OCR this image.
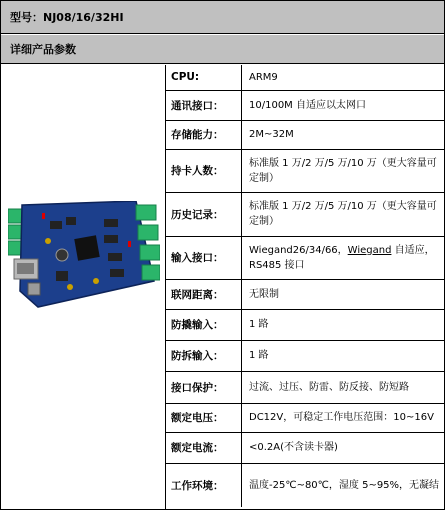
型号：NJ08/16/32HI
详细产品参数
CPU:	ARM9
通讯接口：	10/100M 自适应以太网口
存储能力：	2M~32M
持卡人数：	标准版 1 万/2 万/5 万/10 万（更大容量可定制）
历史记录：	标准版 1 万/2 万/5 万/10 万（更大容量可定制）
输入接口：	Wiegand26/34/66，Wiegand 自适应，RS485 接口
联网距离：	无限制
防撬输入：	1 路
防拆输入：	1 路
接口保护：	过流、过压、防雷、防反接、防短路
额定电压：	DC12V，可稳定工作电压范围：10~16V
额定电流：	<0.2A(不含读卡器)
工作环境：	温度-25℃~80℃，湿度 5~95%，无凝结
